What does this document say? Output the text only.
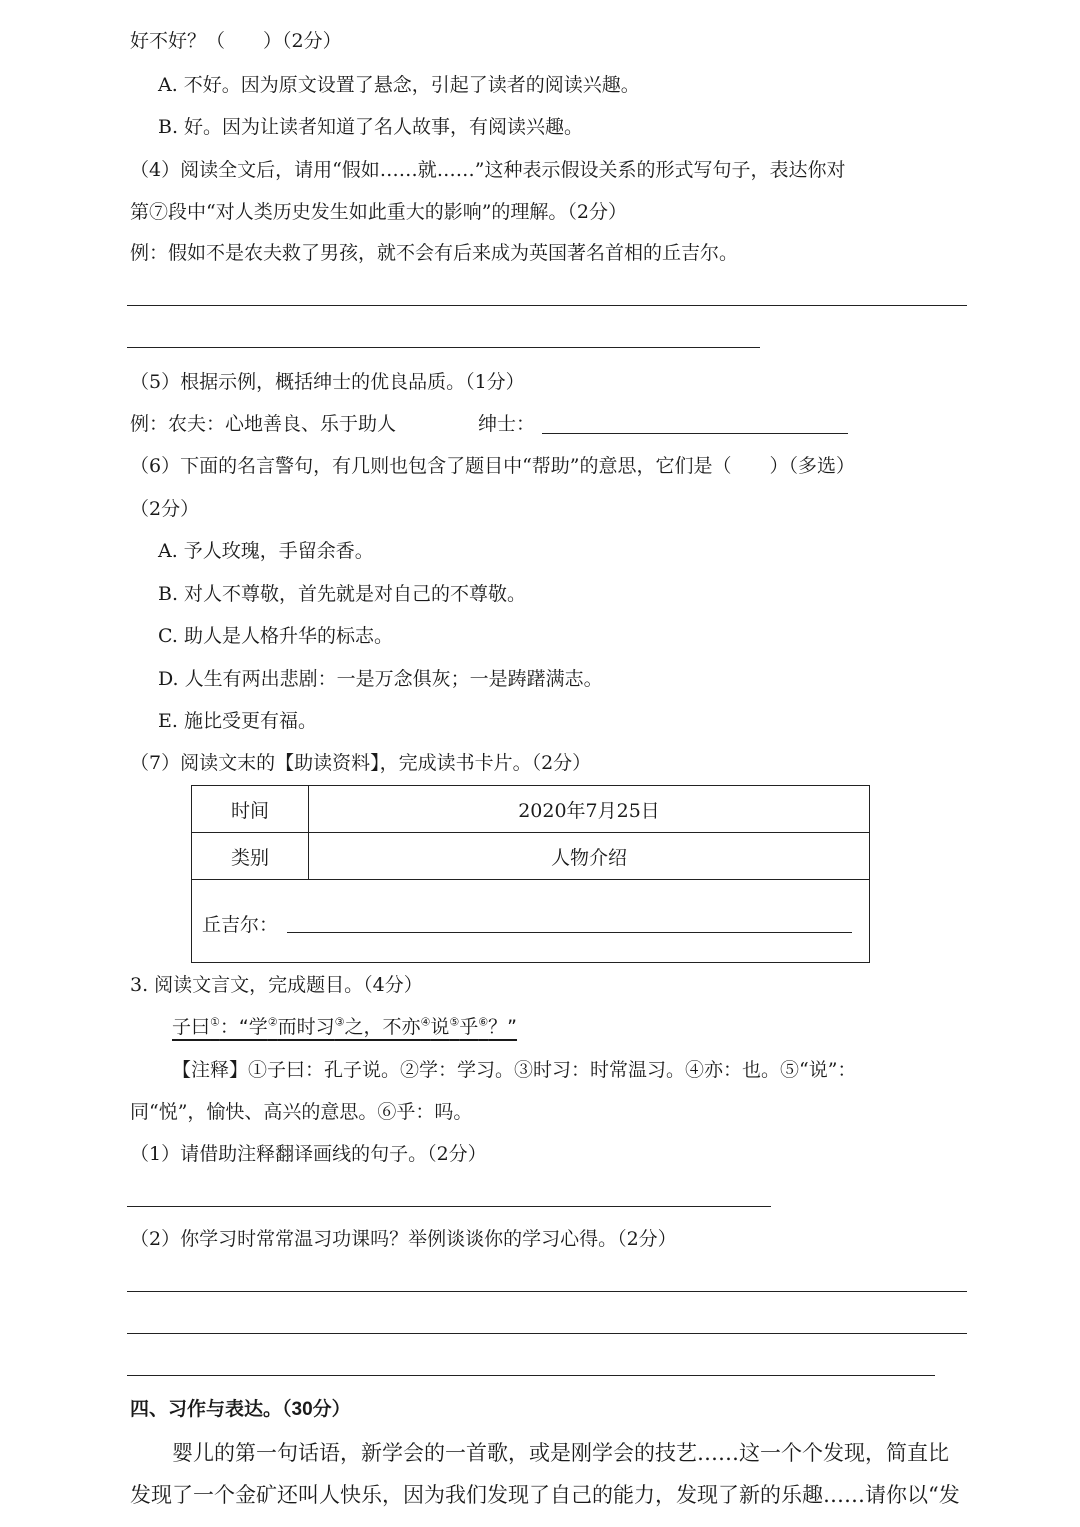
好不好？（　　）（2分）
A. 不好。因为原文设置了悬念，引起了读者的阅读兴趣。
B. 好。因为让读者知道了名人故事，有阅读兴趣。
（4）阅读全文后，请用“假如……就……”这种表示假设关系的形式写句子，表达你对
第⑦段中“对人类历史发生如此重大的影响”的理解。（2分）
例：假如不是农夫救了男孩，就不会有后来成为英国著名首相的丘吉尔。
（5）根据示例，概括绅士的优良品质。（1分）
例：农夫：心地善良、乐于助人	绅士：
（6）下面的名言警句，有几则也包含了题目中“帮助”的意思，它们是（　　）（多选）
（2分）
A. 予人玫瑰，手留余香。
B. 对人不尊敬，首先就是对自己的不尊敬。
C. 助人是人格升华的标志。
D. 人生有两出悲剧：一是万念俱灰；一是踌躇满志。
E. 施比受更有福。
（7）阅读文末的【助读资料】，完成读书卡片。（2分）
时间	2020年7月25日
类别	人物介绍

丘吉尔：	
3. 阅读文言文，完成题目。（4分）
子曰①：“学②而时习③之，不亦④说⑤乎⑥？”
【注释】①子曰：孔子说。②学：学习。③时习：时常温习。④亦：也。⑤“说”：
同“悦”，愉快、高兴的意思。⑥乎：吗。
（1）请借助注释翻译画线的句子。（2分）
（2）你学习时常常温习功课吗？举例谈谈你的学习心得。（2分）
四、习作与表达。（30分）
婴儿的第一句话语，新学会的一首歌，或是刚学会的技艺……这一个个发现，简直比
发现了一个金矿还叫人快乐，因为我们发现了自己的能力，发现了新的乐趣……请你以“发
